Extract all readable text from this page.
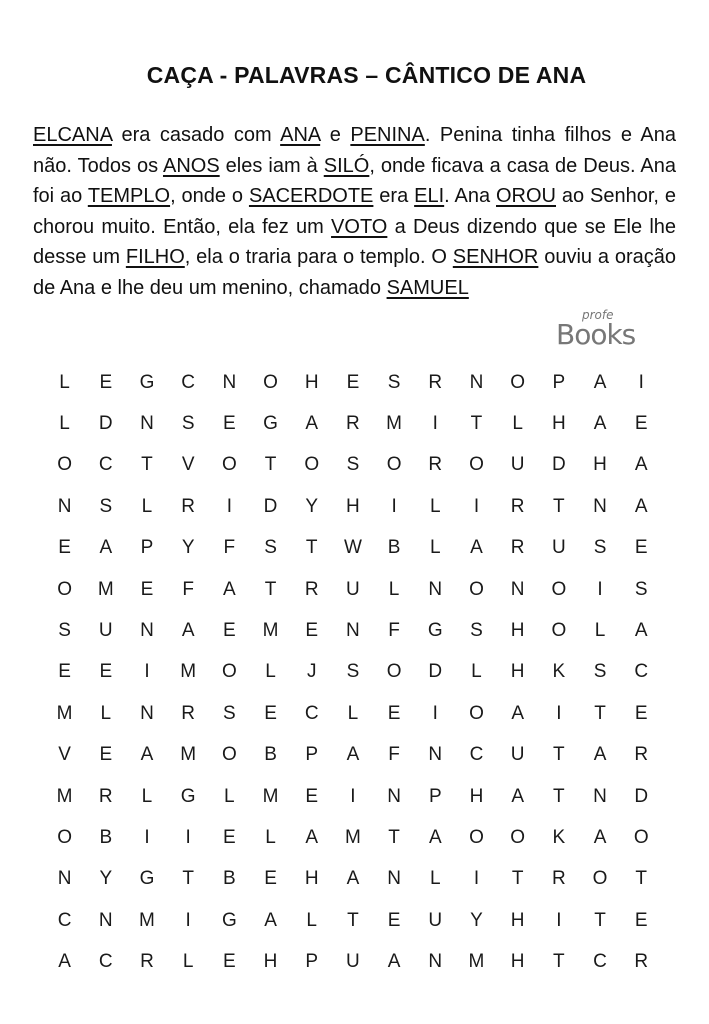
CAÇA - PALAVRAS – CÂNTICO DE ANA
ELCANA era casado com ANA e PENINA. Penina tinha filhos e Ana não. Todos os ANOS eles iam à SILÓ, onde ficava a casa de Deus. Ana foi ao TEMPLO, onde o SACERDOTE era ELI. Ana OROU ao Senhor, e chorou muito. Então, ela fez um VOTO a Deus dizendo que se Ele lhe desse um FILHO, ela o traria para o templo. O SENHOR ouviu a oração de Ana e lhe deu um menino, chamado SAMUEL
profe
Books
L	E	G	C	N	O	H	E	S	R	N	O	P	A	I
L	D	N	S	E	G	A	R	M	I	T	L	H	A	E
O	C	T	V	O	T	O	S	O	R	O	U	D	H	A
N	S	L	R	I	D	Y	H	I	L	I	R	T	N	A
E	A	P	Y	F	S	T	W	B	L	A	R	U	S	E
O	M	E	F	A	T	R	U	L	N	O	N	O	I	S
S	U	N	A	E	M	E	N	F	G	S	H	O	L	A
E	E	I	M	O	L	J	S	O	D	L	H	K	S	C
M	L	N	R	S	E	C	L	E	I	O	A	I	T	E
V	E	A	M	O	B	P	A	F	N	C	U	T	A	R
M	R	L	G	L	M	E	I	N	P	H	A	T	N	D
O	B	I	I	E	L	A	M	T	A	O	O	K	A	O
N	Y	G	T	B	E	H	A	N	L	I	T	R	O	T
C	N	M	I	G	A	L	T	E	U	Y	H	I	T	E
A	C	R	L	E	H	P	U	A	N	M	H	T	C	R
